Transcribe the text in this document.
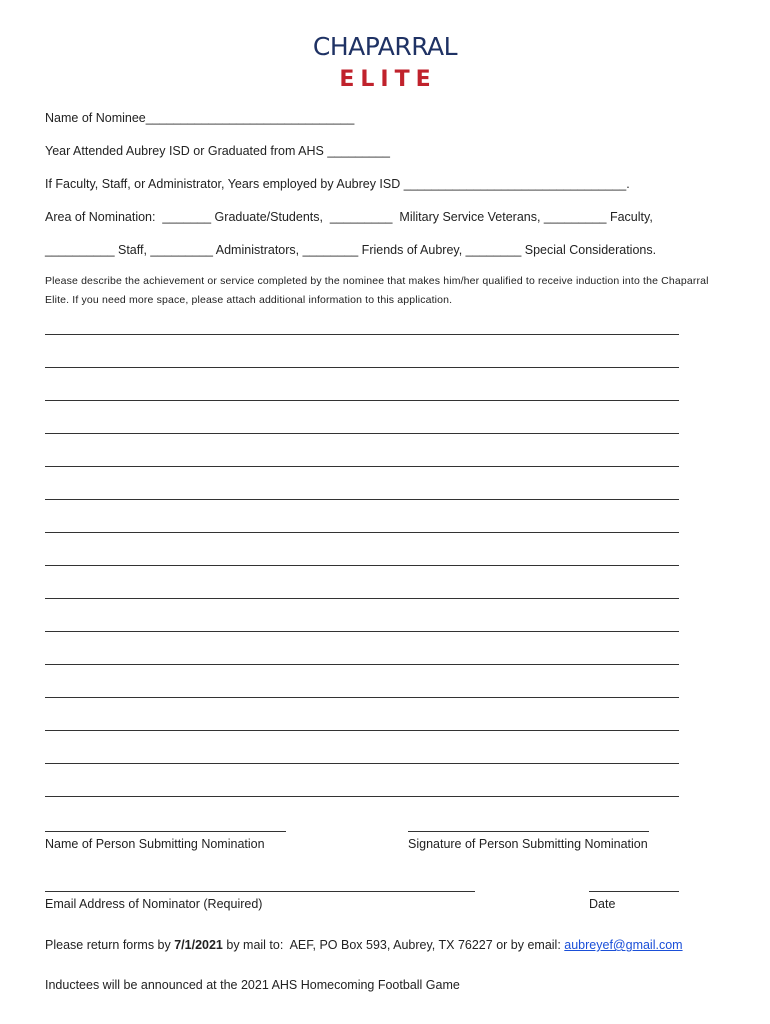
CHAPARRAL
ELITE
Name of Nominee______________________________
Year Attended Aubrey ISD or Graduated from AHS _________
If Faculty, Staff, or Administrator, Years employed by Aubrey ISD ________________________________.
Area of Nomination:  _______ Graduate/Students,  _________  Military Service Veterans, _________ Faculty,
__________ Staff, _________ Administrators, ________ Friends of Aubrey, ________ Special Considerations.
Please describe the achievement or service completed by the nominee that makes him/her qualified to receive induction into the Chaparral Elite. If you need more space, please attach additional information to this application.
Name of Person Submitting Nomination	Signature of Person Submitting Nomination
Email Address of Nominator (Required)	Date
Please return forms by 7/1/2021 by mail to:  AEF, PO Box 593, Aubrey, TX 76227 or by email: aubreyef@gmail.com
Inductees will be announced at the 2021 AHS Homecoming Football Game
